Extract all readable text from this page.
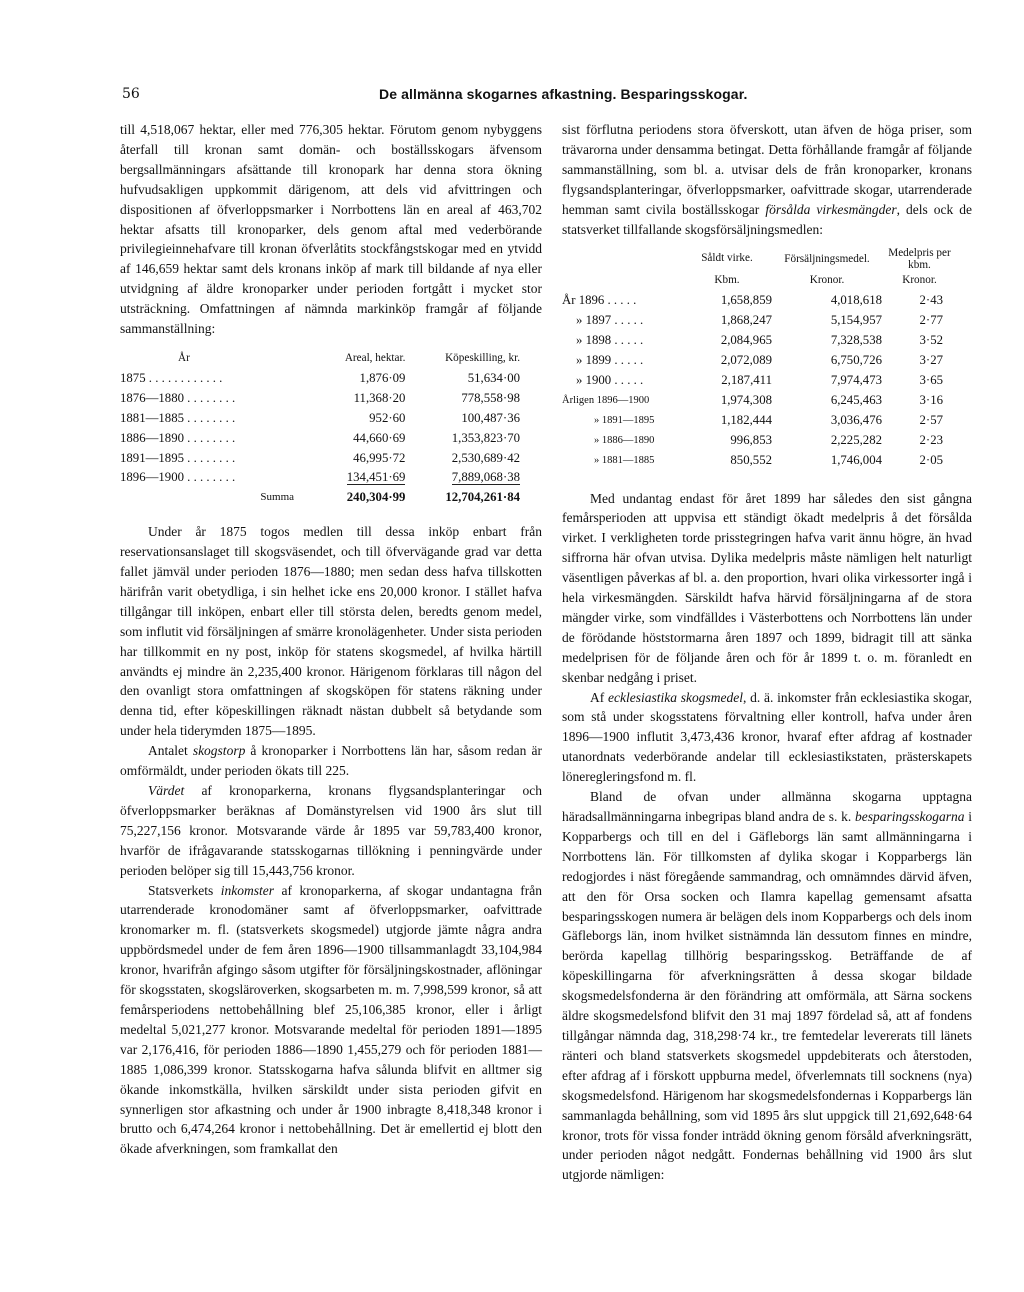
56	De allmänna skogarnes afkastning. Besparingsskogar.

till 4,518,067 hektar, eller med 776,305 hektar. Förutom genom nybyggens återfall till kronan samt domän- och boställsskogars äfvensom bergsallmänningars afsättande till kronopark har denna stora ökning hufvudsakligen uppkommit därigenom, att dels vid afvittringen och dispositionen af öfverloppsmarker i Norrbottens län en areal af 463,702 hektar afsatts till kronoparker, dels genom aftal med vederbörande privilegieinnehafvare till kronan öfverlåtits stockfångstskogar med en ytvidd af 146,659 hektar samt dels kronans inköp af mark till bildande af nya eller utvidgning af äldre kronoparker under perioden fortgått i mycket stor utsträckning. Omfattningen af nämnda markinköp framgår af följande sammanställning:

År	Areal, hektar.	Köpeskilling, kr.
1875 . . . . . . . . . . . .	1,876·09	51,634·00
1876—1880 . . . . . . . .	11,368·20	778,558·98
1881—1885 . . . . . . . .	952·60	100,487·36
1886—1890 . . . . . . . .	44,660·69	1,353,823·70
1891—1895 . . . . . . . .	46,995·72	2,530,689·42
1896—1900 . . . . . . . .	134,451·69	7,889,068·38
Summa	240,304·99	12,704,261·84

Under år 1875 togos medlen till dessa inköp enbart från reservationsanslaget till skogsväsendet, och till öfvervägande grad var detta fallet jämväl under perioden 1876—1880; men sedan dess hafva tillskotten härifrån varit obetydliga, i sin helhet icke ens 20,000 kronor. I stället hafva tillgångar till inköpen, enbart eller till största delen, beredts genom medel, som influtit vid försäljningen af smärre kronolägenheter. Under sista perioden har tillkommit en ny post, inköp för statens skogsmedel, af hvilka härtill användts ej mindre än 2,235,400 kronor. Härigenom förklaras till någon del den ovanligt stora omfattningen af skogsköpen för statens räkning under denna tid, efter köpeskillingen räknadt nästan dubbelt så betydande som under hela tiderymden 1875—1895.

Antalet skogstorp å kronoparker i Norrbottens län har, såsom redan är omförmäldt, under perioden ökats till 225.

Värdet af kronoparkerna, kronans flygsandsplanteringar och öfverloppsmarker beräknas af Domänstyrelsen vid 1900 års slut till 75,227,156 kronor. Motsvarande värde år 1895 var 59,783,400 kronor, hvarför de ifrågavarande statsskogarnas tillökning i penningvärde under perioden belöper sig till 15,443,756 kronor.

Statsverkets inkomster af kronoparkerna, af skogar undantagna från utarrenderade kronodomäner samt af öfverloppsmarker, oafvittrade kronomarker m. fl. (statsverkets skogsmedel) utgjorde jämte några andra uppbördsmedel under de fem åren 1896—1900 tillsammanlagdt 33,104,984 kronor, hvarifrån afgingo såsom utgifter för försäljningskostnader, aflöningar för skogsstaten, skogsläroverken, skogsarbeten m. m. 7,998,599 kronor, så att femårsperiodens nettobehållning blef 25,106,385 kronor, eller i årligt medeltal 5,021,277 kronor. Motsvarande medeltal för perioden 1891—1895 var 2,176,416, för perioden 1886—1890 1,455,279 och för perioden 1881—1885 1,086,399 kronor. Statsskogarna hafva sålunda blifvit en alltmer sig ökande inkomstkälla, hvilken särskildt under sista perioden gifvit en synnerligen stor afkastning och under år 1900 inbragte 8,418,348 kronor i brutto och 6,474,264 kronor i nettobehållning. Det är emellertid ej blott den ökade afverkningen, som framkallat den

sist förflutna periodens stora öfverskott, utan äfven de höga priser, som trävarorna under densamma betingat. Detta förhållande framgår af följande sammanställning, som bl. a. utvisar dels de från kronoparker, kronans flygsandsplanteringar, öfverloppsmarker, oafvittrade skogar, utarrenderade hemman samt civila boställsskogar försålda virkesmängder, dels ock de statsverket tillfallande skogsförsäljningsmedlen:

	Såldt virke.	Försäljningsmedel.	Medelpris per kbm.
	Kbm.	Kronor.	Kronor.
År 1896 . . . . .	1,658,859	4,018,618	2·43
» 1897 . . . . .	1,868,247	5,154,957	2·77
» 1898 . . . . .	2,084,965	7,328,538	3·52
» 1899 . . . . .	2,072,089	6,750,726	3·27
» 1900 . . . . .	2,187,411	7,974,473	3·65
Årligen 1896—1900	1,974,308	6,245,463	3·16
» 1891—1895	1,182,444	3,036,476	2·57
» 1886—1890	996,853	2,225,282	2·23
» 1881—1885	850,552	1,746,004	2·05

Med undantag endast för året 1899 har således den sist gångna femårsperioden att uppvisa ett ständigt ökadt medelpris å det försålda virket. I verkligheten torde prisstegringen hafva varit ännu högre, än hvad siffrorna här ofvan utvisa. Dylika medelpris måste nämligen helt naturligt väsentligen påverkas af bl. a. den proportion, hvari olika virkessorter ingå i hela virkesmängden. Särskildt hafva härvid försäljningarna af de stora mängder virke, som vindfälldes i Västerbottens och Norrbottens län under de förödande höststormarna åren 1897 och 1899, bidragit till att sänka medelprisen för de följande åren och för år 1899 t. o. m. föranledt en skenbar nedgång i priset.

Af ecklesiastika skogsmedel, d. ä. inkomster från ecklesiastika skogar, som stå under skogsstatens förvaltning eller kontroll, hafva under åren 1896—1900 influtit 3,473,436 kronor, hvaraf efter afdrag af kostnader utanordnats vederbörande andelar till ecklesiastikstaten, prästerskapets löneregleringsfond m. fl.

Bland de ofvan under allmänna skogarna upptagna häradsallmänningarna inbegripas bland andra de s. k. besparingsskogarna i Kopparbergs och till en del i Gäfleborgs län samt allmänningarna i Norrbottens län. För tillkomsten af dylika skogar i Kopparbergs län redogjordes i näst föregående sammandrag, och omnämndes därvid äfven, att den för Orsa socken och Ilamra kapellag gemensamt afsatta besparingsskogen numera är belägen dels inom Kopparbergs och dels inom Gäfleborgs län, inom hvilket sistnämnda län dessutom finnes en mindre, berörda kapellag tillhörig besparingsskog. Beträffande de af köpeskillingarna för afverkningsrätten å dessa skogar bildade skogsmedelsfonderna är den förändring att omförmäla, att Särna sockens äldre skogsmedelsfond blifvit den 31 maj 1897 fördelad så, att af fondens tillgångar nämnda dag, 318,298·74 kr., tre femtedelar levererats till länets ränteri och bland statsverkets skogsmedel uppdebiterats och återstoden, efter afdrag af i förskott uppburna medel, öfverlemnats till socknens (nya) skogsmedelsfond. Härigenom har skogsmedelsfondernas i Kopparbergs län sammanlagda behållning, som vid 1895 års slut uppgick till 21,692,648·64 kronor, trots för vissa fonder inträdd ökning genom försåld afverkningsrätt, under perioden något nedgått. Fondernas behållning vid 1900 års slut utgjorde nämligen:
